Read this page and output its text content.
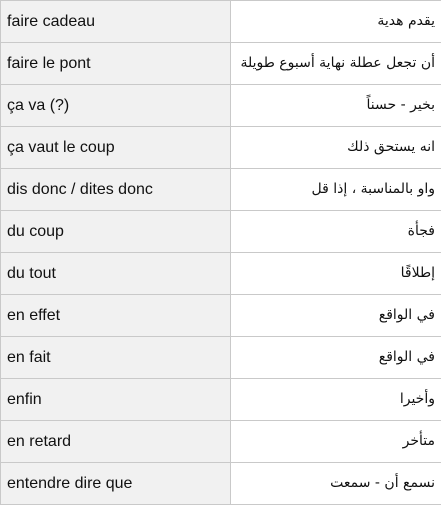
faire cadeau	يقدم هدية
faire le pont	أن تجعل عطلة نهاية أسبوع طويلة
ça va (?)	بخير - حسناً
ça vaut le coup	انه يستحق ذلك
dis donc / dites donc	واو بالمناسبة ، إذا قل
du coup	فجأة
du tout	إطلاقًا
en effet	في الواقع
en fait	في الواقع
enfin	وأخيرا
en retard	متأخر
entendre dire que	نسمع أن - سمعت
